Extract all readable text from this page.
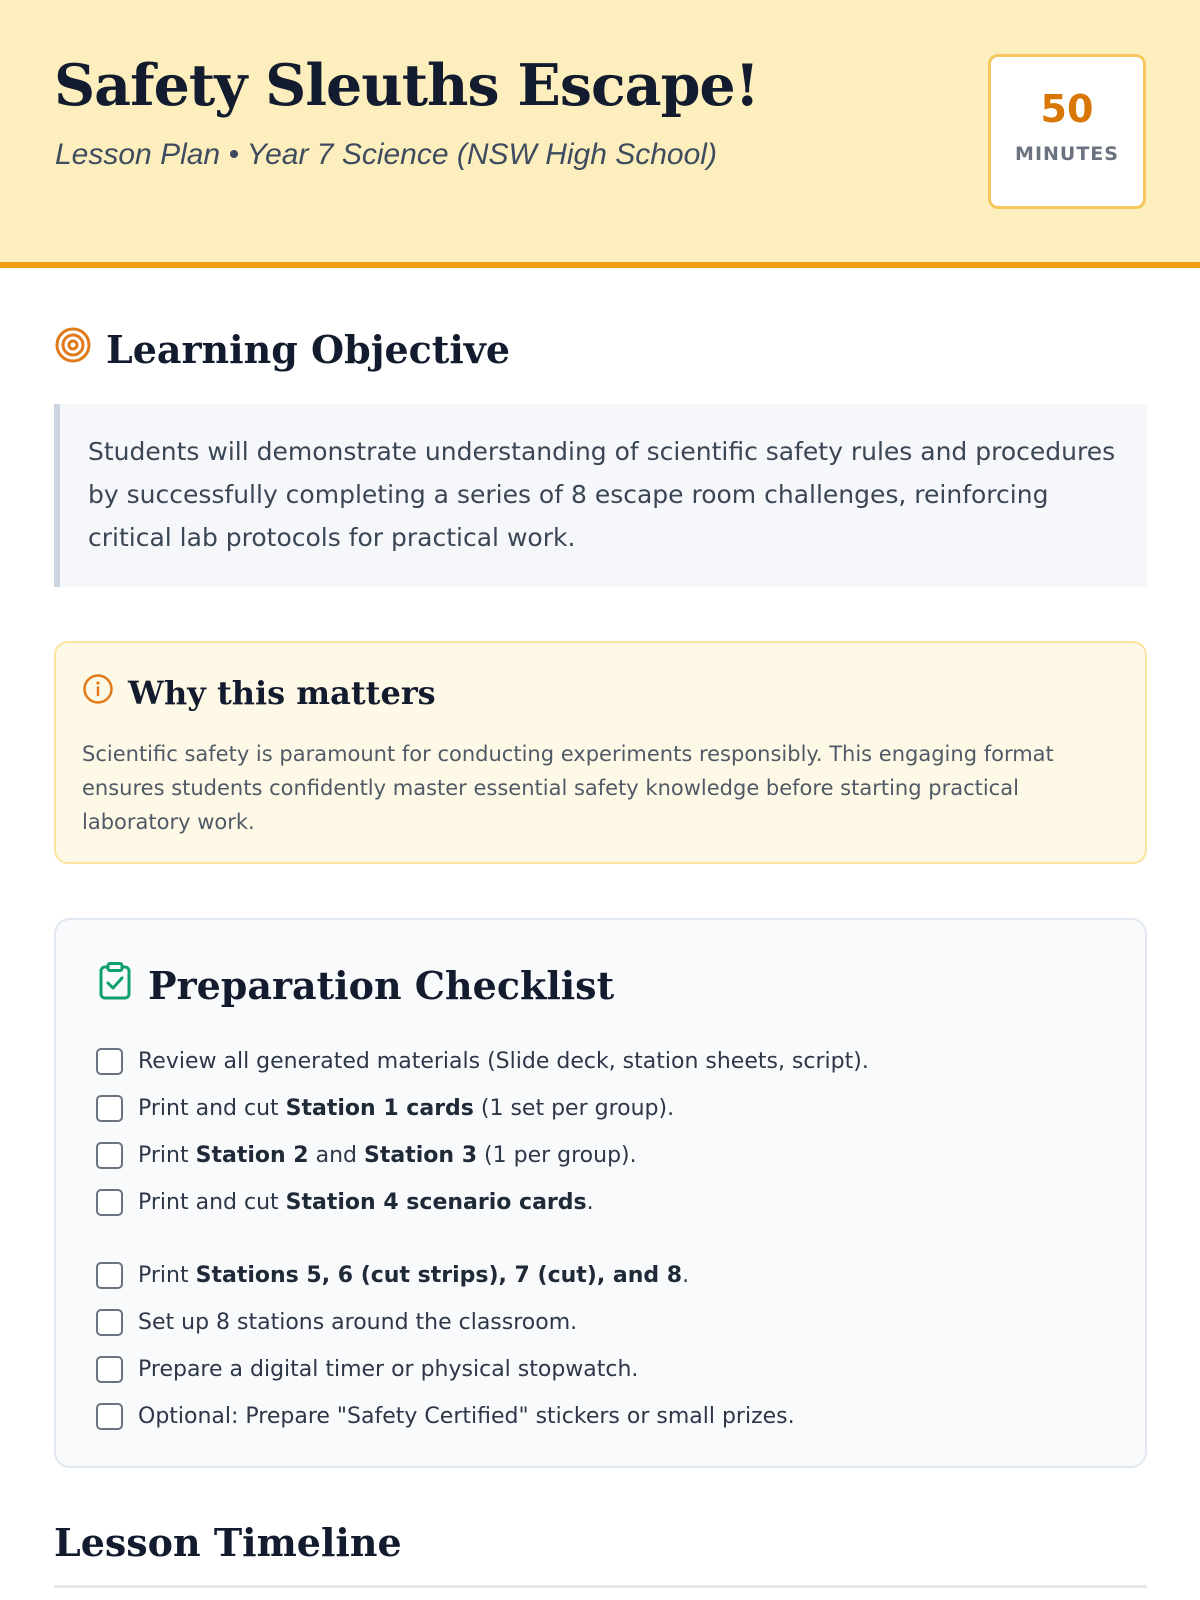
Safety Sleuths Escape!
Lesson Plan • Year 7 Science (NSW High School)
50
MINUTES
Learning Objective
Students will demonstrate understanding of scientific safety rules and procedures by successfully completing a series of 8 escape room challenges, reinforcing critical lab protocols for practical work.
Why this matters

Scientific safety is paramount for conducting experiments responsibly. This engaging format ensures students confidently master essential safety knowledge before starting practical laboratory work.

Preparation Checklist
Review all generated materials (Slide deck, station sheets, script).
Print and cut Station 1 cards (1 set per group).
Print Station 2 and Station 3 (1 per group).
Print and cut Station 4 scenario cards.
Print Stations 5, 6 (cut strips), 7 (cut), and 8.
Set up 8 stations around the classroom.
Prepare a digital timer or physical stopwatch.
Optional: Prepare "Safety Certified" stickers or small prizes.
Lesson Timeline
